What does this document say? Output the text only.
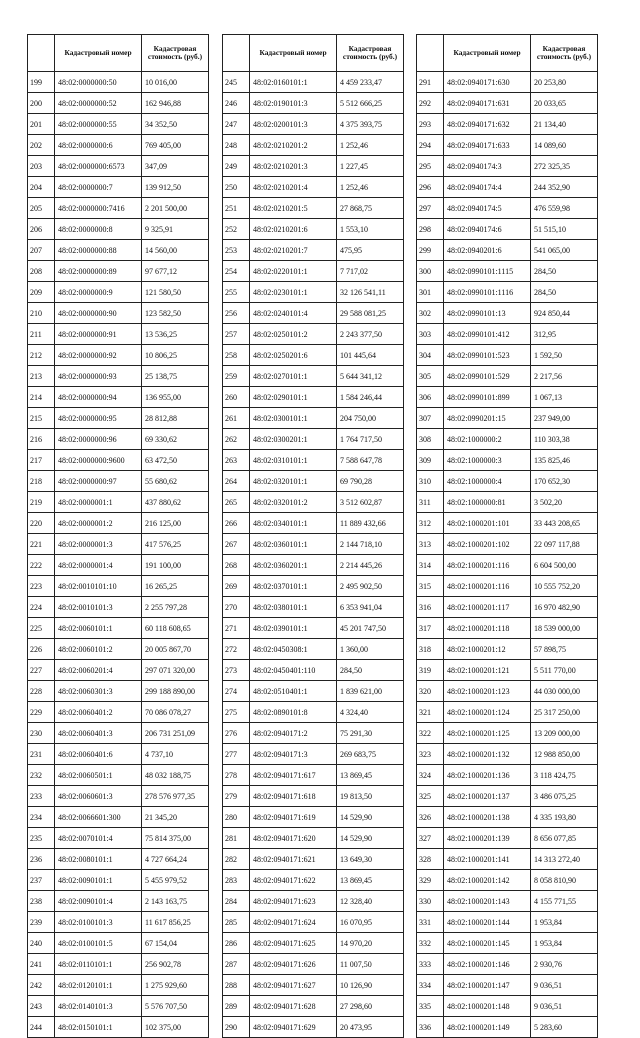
	Кадастровый номер	Кадастровая стоимость (руб.)
199	48:02:0000000:50	10 016,00
200	48:02:0000000:52	162 946,88
201	48:02:0000000:55	34 352,50
202	48:02:0000000:6	769 405,00
203	48:02:0000000:6573	347,09
204	48:02:0000000:7	139 912,50
205	48:02:0000000:7416	2 201 500,00
206	48:02:0000000:8	9 325,91
207	48:02:0000000:88	14 560,00
208	48:02:0000000:89	97 677,12
209	48:02:0000000:9	121 580,50
210	48:02:0000000:90	123 582,50
211	48:02:0000000:91	13 536,25
212	48:02:0000000:92	10 806,25
213	48:02:0000000:93	25 138,75
214	48:02:0000000:94	136 955,00
215	48:02:0000000:95	28 812,88
216	48:02:0000000:96	69 330,62
217	48:02:0000000:9600	63 472,50
218	48:02:0000000:97	55 680,62
219	48:02:0000001:1	437 880,62
220	48:02:0000001:2	216 125,00
221	48:02:0000001:3	417 576,25
222	48:02:0000001:4	191 100,00
223	48:02:0010101:10	16 265,25
224	48:02:0010101:3	2 255 797,28
225	48:02:0060101:1	60 118 608,65
226	48:02:0060101:2	20 005 867,70
227	48:02:0060201:4	297 071 320,00
228	48:02:0060301:3	299 188 890,00
229	48:02:0060401:2	70 086 078,27
230	48:02:0060401:3	206 731 251,09
231	48:02:0060401:6	4 737,10
232	48:02:0060501:1	48 032 188,75
233	48:02:0060601:3	278 576 977,35
234	48:02:0066601:300	21 345,20
235	48:02:0070101:4	75 814 375,00
236	48:02:0080101:1	4 727 664,24
237	48:02:0090101:1	5 455 979,52
238	48:02:0090101:4	2 143 163,75
239	48:02:0100101:3	11 617 856,25
240	48:02:0100101:5	67 154,04
241	48:02:0110101:1	256 902,78
242	48:02:0120101:1	1 275 929,60
243	48:02:0140101:3	5 576 707,50
244	48:02:0150101:1	102 375,00
	Кадастровый номер	Кадастровая стоимость (руб.)
245	48:02:0160101:1	4 459 233,47
246	48:02:0190101:3	5 512 666,25
247	48:02:0200101:3	4 375 393,75
248	48:02:0210201:2	1 252,46
249	48:02:0210201:3	1 227,45
250	48:02:0210201:4	1 252,46
251	48:02:0210201:5	27 868,75
252	48:02:0210201:6	1 553,10
253	48:02:0210201:7	475,95
254	48:02:0220101:1	7 717,02
255	48:02:0230101:1	32 126 541,11
256	48:02:0240101:4	29 588 081,25
257	48:02:0250101:2	2 243 377,50
258	48:02:0250201:6	101 445,64
259	48:02:0270101:1	5 644 341,12
260	48:02:0290101:1	1 584 246,44
261	48:02:0300101:1	204 750,00
262	48:02:0300201:1	1 764 717,50
263	48:02:0310101:1	7 588 647,78
264	48:02:0320101:1	69 790,28
265	48:02:0320101:2	3 512 602,87
266	48:02:0340101:1	11 889 432,66
267	48:02:0360101:1	2 144 718,10
268	48:02:0360201:1	2 214 445,26
269	48:02:0370101:1	2 495 902,50
270	48:02:0380101:1	6 353 941,04
271	48:02:0390101:1	45 201 747,50
272	48:02:0450308:1	1 360,00
273	48:02:0450401:110	284,50
274	48:02:0510401:1	1 839 621,00
275	48:02:0890101:8	4 324,40
276	48:02:0940171:2	75 291,30
277	48:02:0940171:3	269 683,75
278	48:02:0940171:617	13 869,45
279	48:02:0940171:618	19 813,50
280	48:02:0940171:619	14 529,90
281	48:02:0940171:620	14 529,90
282	48:02:0940171:621	13 649,30
283	48:02:0940171:622	13 869,45
284	48:02:0940171:623	12 328,40
285	48:02:0940171:624	16 070,95
286	48:02:0940171:625	14 970,20
287	48:02:0940171:626	11 007,50
288	48:02:0940171:627	10 126,90
289	48:02:0940171:628	27 298,60
290	48:02:0940171:629	20 473,95
	Кадастровый номер	Кадастровая стоимость (руб.)
291	48:02:0940171:630	20 253,80
292	48:02:0940171:631	20 033,65
293	48:02:0940171:632	21 134,40
294	48:02:0940171:633	14 089,60
295	48:02:0940174:3	272 325,35
296	48:02:0940174:4	244 352,90
297	48:02:0940174:5	476 559,98
298	48:02:0940174:6	51 515,10
299	48:02:0940201:6	541 065,00
300	48:02:0990101:1115	284,50
301	48:02:0990101:1116	284,50
302	48:02:0990101:13	924 850,44
303	48:02:0990101:412	312,95
304	48:02:0990101:523	1 592,50
305	48:02:0990101:529	2 217,56
306	48:02:0990101:899	1 067,13
307	48:02:0990201:15	237 949,00
308	48:02:1000000:2	110 303,38
309	48:02:1000000:3	135 825,46
310	48:02:1000000:4	170 652,30
311	48:02:1000000:81	3 502,20
312	48:02:1000201:101	33 443 208,65
313	48:02:1000201:102	22 097 117,88
314	48:02:1000201:116	6 604 500,00
315	48:02:1000201:116	10 555 752,20
316	48:02:1000201:117	16 970 482,90
317	48:02:1000201:118	18 539 000,00
318	48:02:1000201:12	57 898,75
319	48:02:1000201:121	5 511 770,00
320	48:02:1000201:123	44 030 000,00
321	48:02:1000201:124	25 317 250,00
322	48:02:1000201:125	13 209 000,00
323	48:02:1000201:132	12 988 850,00
324	48:02:1000201:136	3 118 424,75
325	48:02:1000201:137	3 486 075,25
326	48:02:1000201:138	4 335 193,80
327	48:02:1000201:139	8 656 077,85
328	48:02:1000201:141	14 313 272,40
329	48:02:1000201:142	8 058 810,90
330	48:02:1000201:143	4 155 771,55
331	48:02:1000201:144	1 953,84
332	48:02:1000201:145	1 953,84
333	48:02:1000201:146	2 930,76
334	48:02:1000201:147	9 036,51
335	48:02:1000201:148	9 036,51
336	48:02:1000201:149	5 283,60
